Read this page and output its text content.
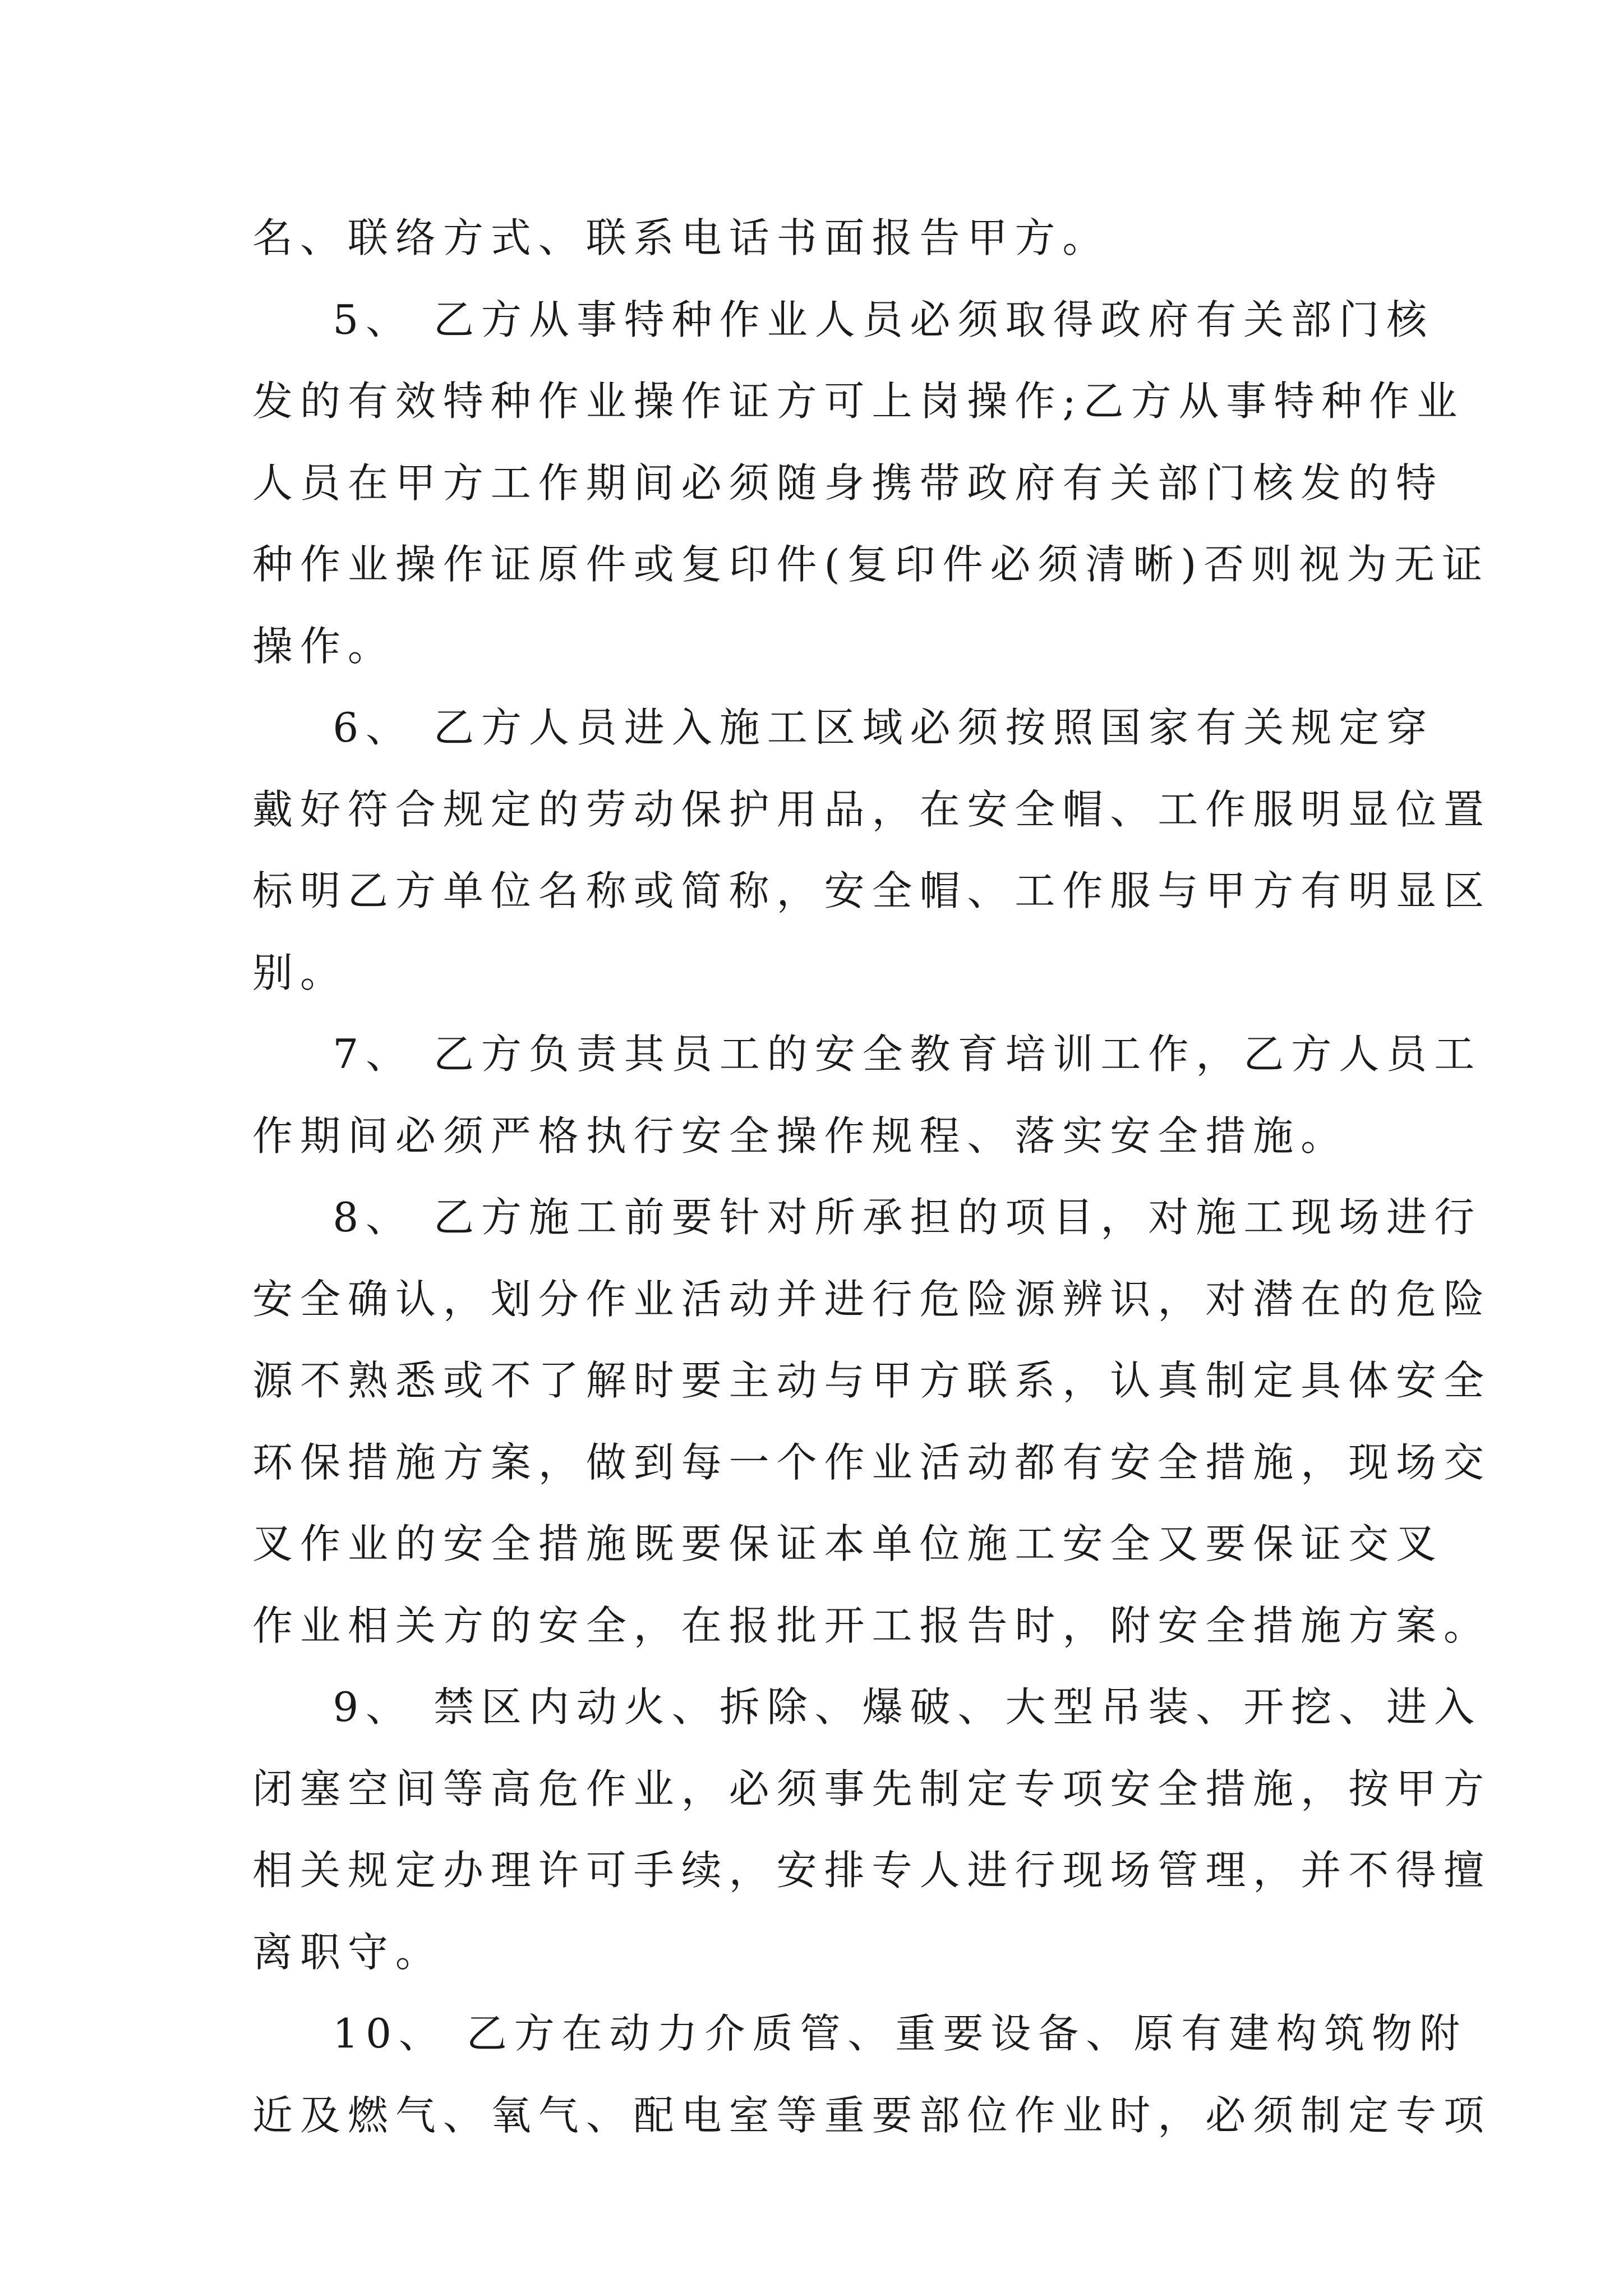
名、联络方式、联系电话书面报告甲方。
5、 乙方从事特种作业人员必须取得政府有关部门核
发的有效特种作业操作证方可上岗操作;乙方从事特种作业
人员在甲方工作期间必须随身携带政府有关部门核发的特
种作业操作证原件或复印件(复印件必须清晰)否则视为无证
操作。
6、 乙方人员进入施工区域必须按照国家有关规定穿
戴好符合规定的劳动保护用品，在安全帽、工作服明显位置
标明乙方单位名称或简称，安全帽、工作服与甲方有明显区
别。
7、 乙方负责其员工的安全教育培训工作，乙方人员工
作期间必须严格执行安全操作规程、落实安全措施。
8、 乙方施工前要针对所承担的项目，对施工现场进行
安全确认，划分作业活动并进行危险源辨识，对潜在的危险
源不熟悉或不了解时要主动与甲方联系，认真制定具体安全
环保措施方案，做到每一个作业活动都有安全措施，现场交
叉作业的安全措施既要保证本单位施工安全又要保证交叉
作业相关方的安全，在报批开工报告时，附安全措施方案。
9、 禁区内动火、拆除、爆破、大型吊装、开挖、进入
闭塞空间等高危作业，必须事先制定专项安全措施，按甲方
相关规定办理许可手续，安排专人进行现场管理，并不得擅
离职守。
10、 乙方在动力介质管、重要设备、原有建构筑物附
近及燃气、氧气、配电室等重要部位作业时，必须制定专项
